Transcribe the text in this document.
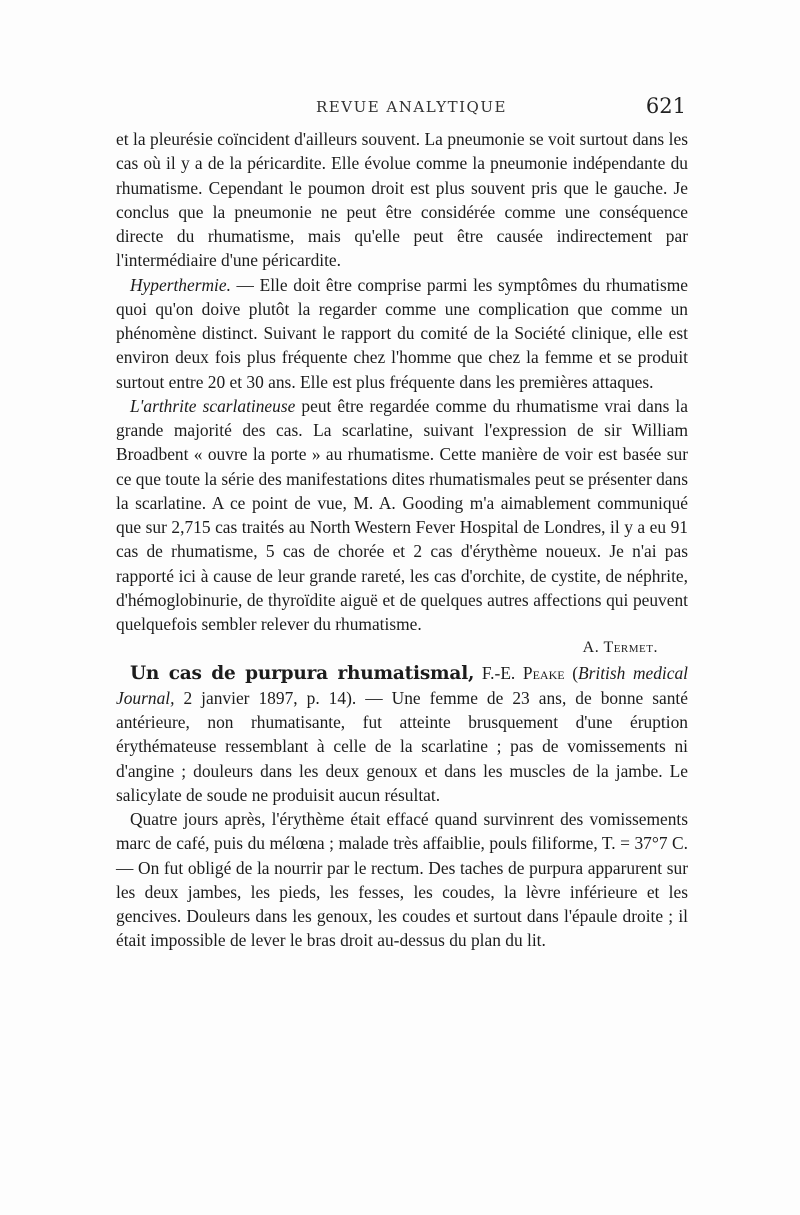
REVUE ANALYTIQUE	621

et la pleurésie coïncident d'ailleurs souvent. La pneumonie se voit surtout dans les cas où il y a de la péricardite. Elle évolue comme la pneumonie indépendante du rhumatisme. Cependant le poumon droit est plus souvent pris que le gauche. Je conclus que la pneumonie ne peut être considérée comme une conséquence directe du rhumatisme, mais qu'elle peut être causée indirectement par l'intermédiaire d'une péricardite.

Hyperthermie. — Elle doit être comprise parmi les symptômes du rhumatisme quoi qu'on doive plutôt la regarder comme une complication que comme un phénomène distinct. Suivant le rapport du comité de la Société clinique, elle est environ deux fois plus fréquente chez l'homme que chez la femme et se produit surtout entre 20 et 30 ans. Elle est plus fréquente dans les premières attaques.

L'arthrite scarlatineuse peut être regardée comme du rhumatisme vrai dans la grande majorité des cas. La scarlatine, suivant l'expression de sir William Broadbent « ouvre la porte » au rhumatisme. Cette manière de voir est basée sur ce que toute la série des manifestations dites rhumatismales peut se présenter dans la scarlatine. A ce point de vue, M. A. Gooding m'a aimablement communiqué que sur 2,715 cas traités au North Western Fever Hospital de Londres, il y a eu 91 cas de rhumatisme, 5 cas de chorée et 2 cas d'érythème noueux. Je n'ai pas rapporté ici à cause de leur grande rareté, les cas d'orchite, de cystite, de néphrite, d'hémoglobinurie, de thyroïdite aiguë et de quelques autres affections qui peuvent quelquefois sembler relever du rhumatisme.

A. Termet.

Un cas de purpura rhumatismal, F.-E. Peake (British medical Journal, 2 janvier 1897, p. 14). — Une femme de 23 ans, de bonne santé antérieure, non rhumatisante, fut atteinte brusquement d'une éruption érythémateuse ressemblant à celle de la scarlatine ; pas de vomissements ni d'angine ; douleurs dans les deux genoux et dans les muscles de la jambe. Le salicylate de soude ne produisit aucun résultat.

Quatre jours après, l'érythème était effacé quand survinrent des vomissements marc de café, puis du mélœna ; malade très affaiblie, pouls filiforme, T. = 37°7 C. — On fut obligé de la nourrir par le rectum. Des taches de purpura apparurent sur les deux jambes, les pieds, les fesses, les coudes, la lèvre inférieure et les gencives. Douleurs dans les genoux, les coudes et surtout dans l'épaule droite ; il était impossible de lever le bras droit au-dessus du plan du lit.
